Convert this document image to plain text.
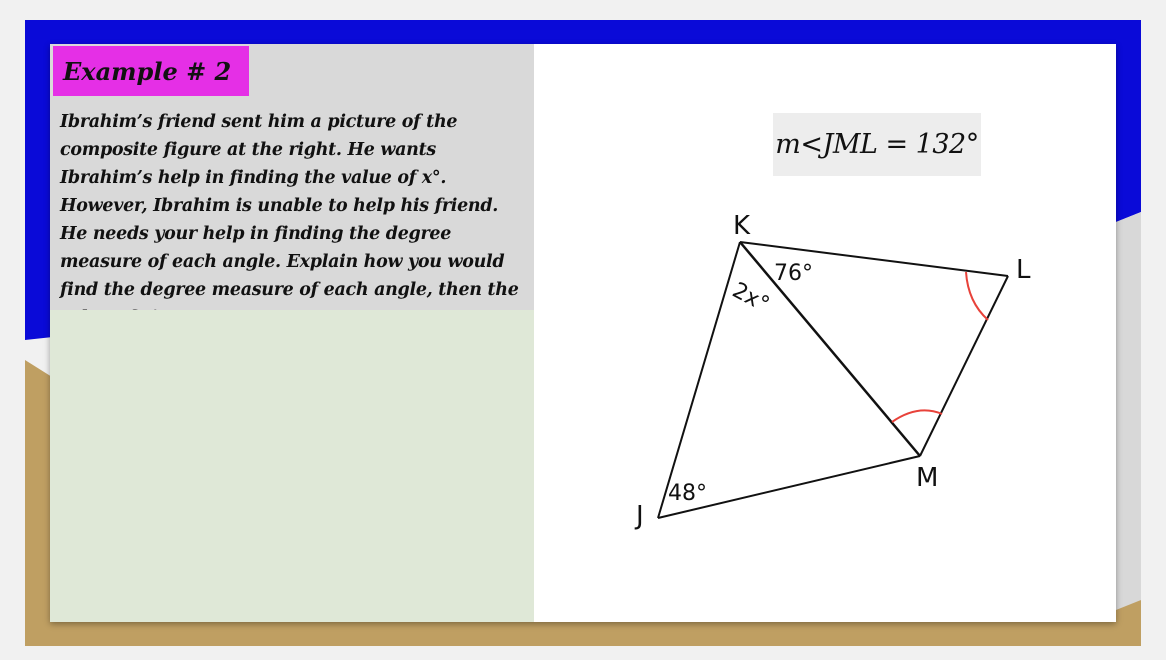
Example # 2

Ibrahim’s friend sent him a picture of the composite figure at the right. He wants Ibrahim’s help in finding the value of x°. However, Ibrahim is unable to help his friend. He needs your help in finding the degree measure of each angle. Explain how you would find the degree measure of each angle, then the

m<JML = 132°
K
L
M
J
76°
2x°
48°
